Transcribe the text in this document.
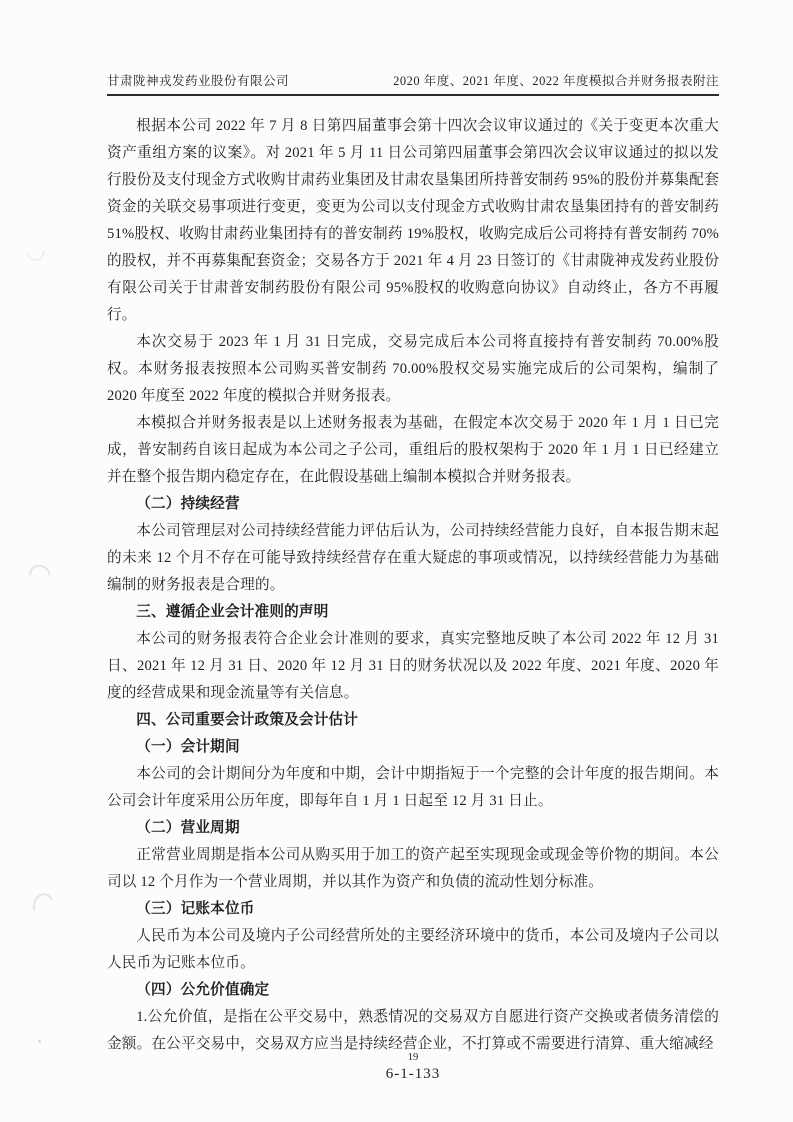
甘肃陇神戎发药业股份有限公司	2020 年度、2021 年度、2022 年度模拟合并财务报表附注

根据本公司 2022 年 7 月 8 日第四届董事会第十四次会议审议通过的《关于变更本次重大资产重组方案的议案》。对 2021 年 5 月 11 日公司第四届董事会第四次会议审议通过的拟以发行股份及支付现金方式收购甘肃药业集团及甘肃农垦集团所持普安制药 95%的股份并募集配套资金的关联交易事项进行变更，变更为公司以支付现金方式收购甘肃农垦集团持有的普安制药 51%股权、收购甘肃药业集团持有的普安制药 19%股权，收购完成后公司将持有普安制药 70%的股权，并不再募集配套资金；交易各方于 2021 年 4 月 23 日签订的《甘肃陇神戎发药业股份有限公司关于甘肃普安制药股份有限公司 95%股权的收购意向协议》自动终止，各方不再履行。

本次交易于 2023 年 1 月 31 日完成，交易完成后本公司将直接持有普安制药 70.00%股权。本财务报表按照本公司购买普安制药 70.00%股权交易实施完成后的公司架构，编制了 2020 年度至 2022 年度的模拟合并财务报表。

本模拟合并财务报表是以上述财务报表为基础，在假定本次交易于 2020 年 1 月 1 日已完成，普安制药自该日起成为本公司之子公司，重组后的股权架构于 2020 年 1 月 1 日已经建立并在整个报告期内稳定存在，在此假设基础上编制本模拟合并财务报表。

（二）持续经营

本公司管理层对公司持续经营能力评估后认为，公司持续经营能力良好，自本报告期末起的未来 12 个月不存在可能导致持续经营存在重大疑虑的事项或情况，以持续经营能力为基础编制的财务报表是合理的。

三、遵循企业会计准则的声明

本公司的财务报表符合企业会计准则的要求，真实完整地反映了本公司 2022 年 12 月 31 日、2021 年 12 月 31 日、2020 年 12 月 31 日的财务状况以及 2022 年度、2021 年度、2020 年度的经营成果和现金流量等有关信息。

四、公司重要会计政策及会计估计

（一）会计期间

本公司的会计期间分为年度和中期，会计中期指短于一个完整的会计年度的报告期间。本公司会计年度采用公历年度，即每年自 1 月 1 日起至 12 月 31 日止。

（二）营业周期

正常营业周期是指本公司从购买用于加工的资产起至实现现金或现金等价物的期间。本公司以 12 个月作为一个营业周期，并以其作为资产和负债的流动性划分标准。

（三）记账本位币

人民币为本公司及境内子公司经营所处的主要经济环境中的货币，本公司及境内子公司以人民币为记账本位币。

（四）公允价值确定

1.公允价值，是指在公平交易中，熟悉情况的交易双方自愿进行资产交换或者债务清偿的金额。在公平交易中，交易双方应当是持续经营企业，不打算或不需要进行清算、重大缩减经

19
6-1-133
